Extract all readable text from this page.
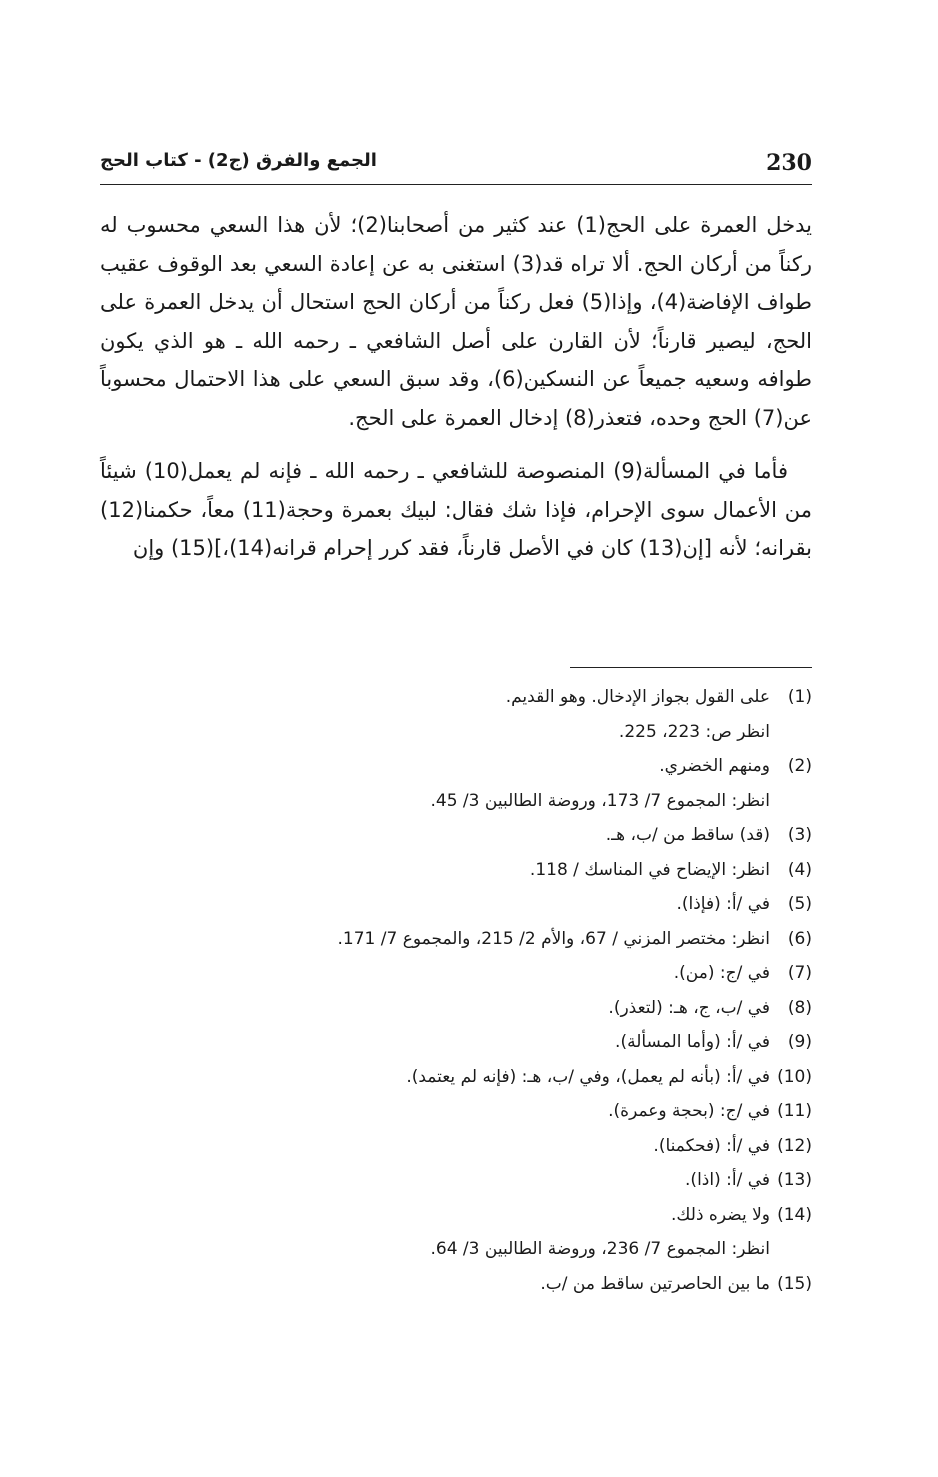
230
الجمع والفرق (ج2) - كتاب الحج

يدخل العمرة على الحج(1) عند كثير من أصحابنا(2)؛ لأن هذا السعي محسوب له ركناً من أركان الحج. ألا تراه قد(3) استغنى به عن إعادة السعي بعد الوقوف عقيب طواف الإفاضة(4)، وإذا(5) فعل ركناً من أركان الحج استحال أن يدخل العمرة على الحج، ليصير قارناً؛ لأن القارن على أصل الشافعي ـ رحمه الله ـ هو الذي يكون طوافه وسعيه جميعاً عن النسكين(6)، وقد سبق السعي على هذا الاحتمال محسوباً عن(7) الحج وحده، فتعذر(8) إدخال العمرة على الحج.

فأما في المسألة(9) المنصوصة للشافعي ـ رحمه الله ـ فإنه لم يعمل(10) شيئاً من الأعمال سوى الإحرام، فإذا شك فقال: لبيك بعمرة وحجة(11) معاً، حكمنا(12) بقرانه؛ لأنه [إن(13) كان في الأصل قارناً، فقد كرر إحرام قرانه(14)،](15) وإن

(1)
على القول بجواز الإدخال. وهو القديم.
انظر ص: 223، 225.
(2)
ومنهم الخضري.
انظر: المجموع 7/ 173، وروضة الطالبين 3/ 45.
(3)
(قد) ساقط من /ب، هـ.
(4)
انظر: الإيضاح في المناسك / 118.
(5)
في /أ: (فإذا).
(6)
انظر: مختصر المزني / 67، والأم 2/ 215، والمجموع 7/ 171.
(7)
في /ج: (من).
(8)
في /ب، ج، هـ: (لتعذر).
(9)
في /أ: (وأما المسألة).
(10)
في /أ: (بأنه لم يعمل)، وفي /ب، هـ: (فإنه لم يعتمد).
(11)
في /ج: (بحجة وعمرة).
(12)
في /أ: (فحكمنا).
(13)
في /أ: (اذا).
(14)
ولا يضره ذلك.
انظر: المجموع 7/ 236، وروضة الطالبين 3/ 64.
(15)
ما بين الحاصرتين ساقط من /ب.
